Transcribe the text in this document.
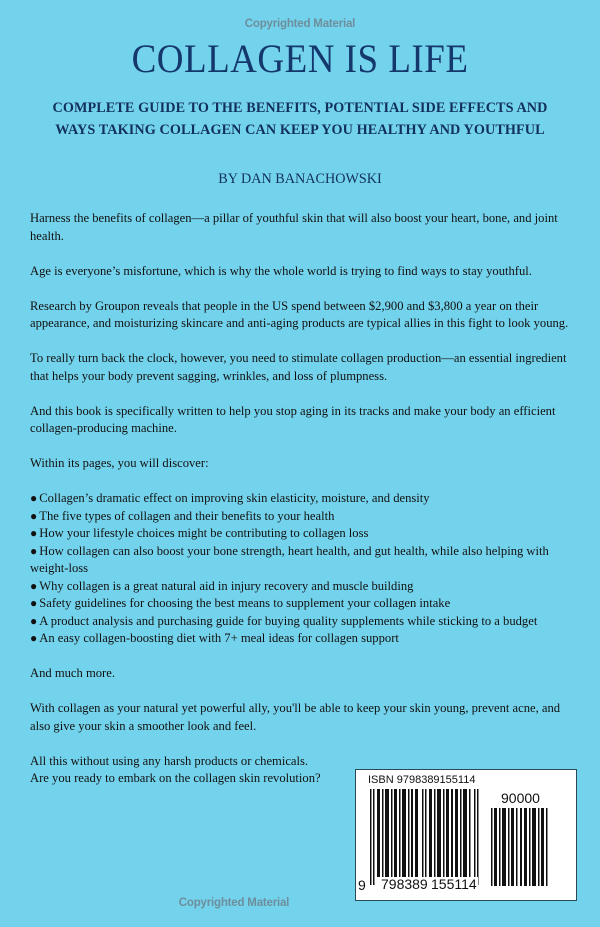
Copyrighted Material
COLLAGEN IS LIFE
COMPLETE GUIDE TO THE BENEFITS, POTENTIAL SIDE EFFECTS AND
WAYS TAKING COLLAGEN CAN KEEP YOU HEALTHY AND YOUTHFUL
BY DAN BANACHOWSKI

Harness the benefits of collagen—a pillar of youthful skin that will also boost your heart, bone, and joint health.

Age is everyone’s misfortune, which is why the whole world is trying to find ways to stay youthful.

Research by Groupon reveals that people in the US spend between $2,900 and $3,800 a year on their appearance, and moisturizing skincare and anti-aging products are typical allies in this fight to look young.

To really turn back the clock, however, you need to stimulate collagen production—an essential ingredient that helps your body prevent sagging, wrinkles, and loss of plumpness.

And this book is specifically written to help you stop aging in its tracks and make your body an efficient collagen-producing machine.

Within its pages, you will discover:

● Collagen’s dramatic effect on improving skin elasticity, moisture, and density
● The five types of collagen and their benefits to your health
● How your lifestyle choices might be contributing to collagen loss
● How collagen can also boost your bone strength, heart health, and gut health, while also helping with weight-loss
● Why collagen is a great natural aid in injury recovery and muscle building
● Safety guidelines for choosing the best means to supplement your collagen intake
● A product analysis and purchasing guide for buying quality supplements while sticking to a budget
● An easy collagen-boosting diet with 7+ meal ideas for collagen support

And much more.

With collagen as your natural yet powerful ally, you'll be able to keep your skin young, prevent acne, and also give your skin a smoother look and feel.

All this without using any harsh products or chemicals.

Are you ready to embark on the collagen skin revolution?	ISBN 9798389155114
90000
9 798389 155114
Copyrighted Material
